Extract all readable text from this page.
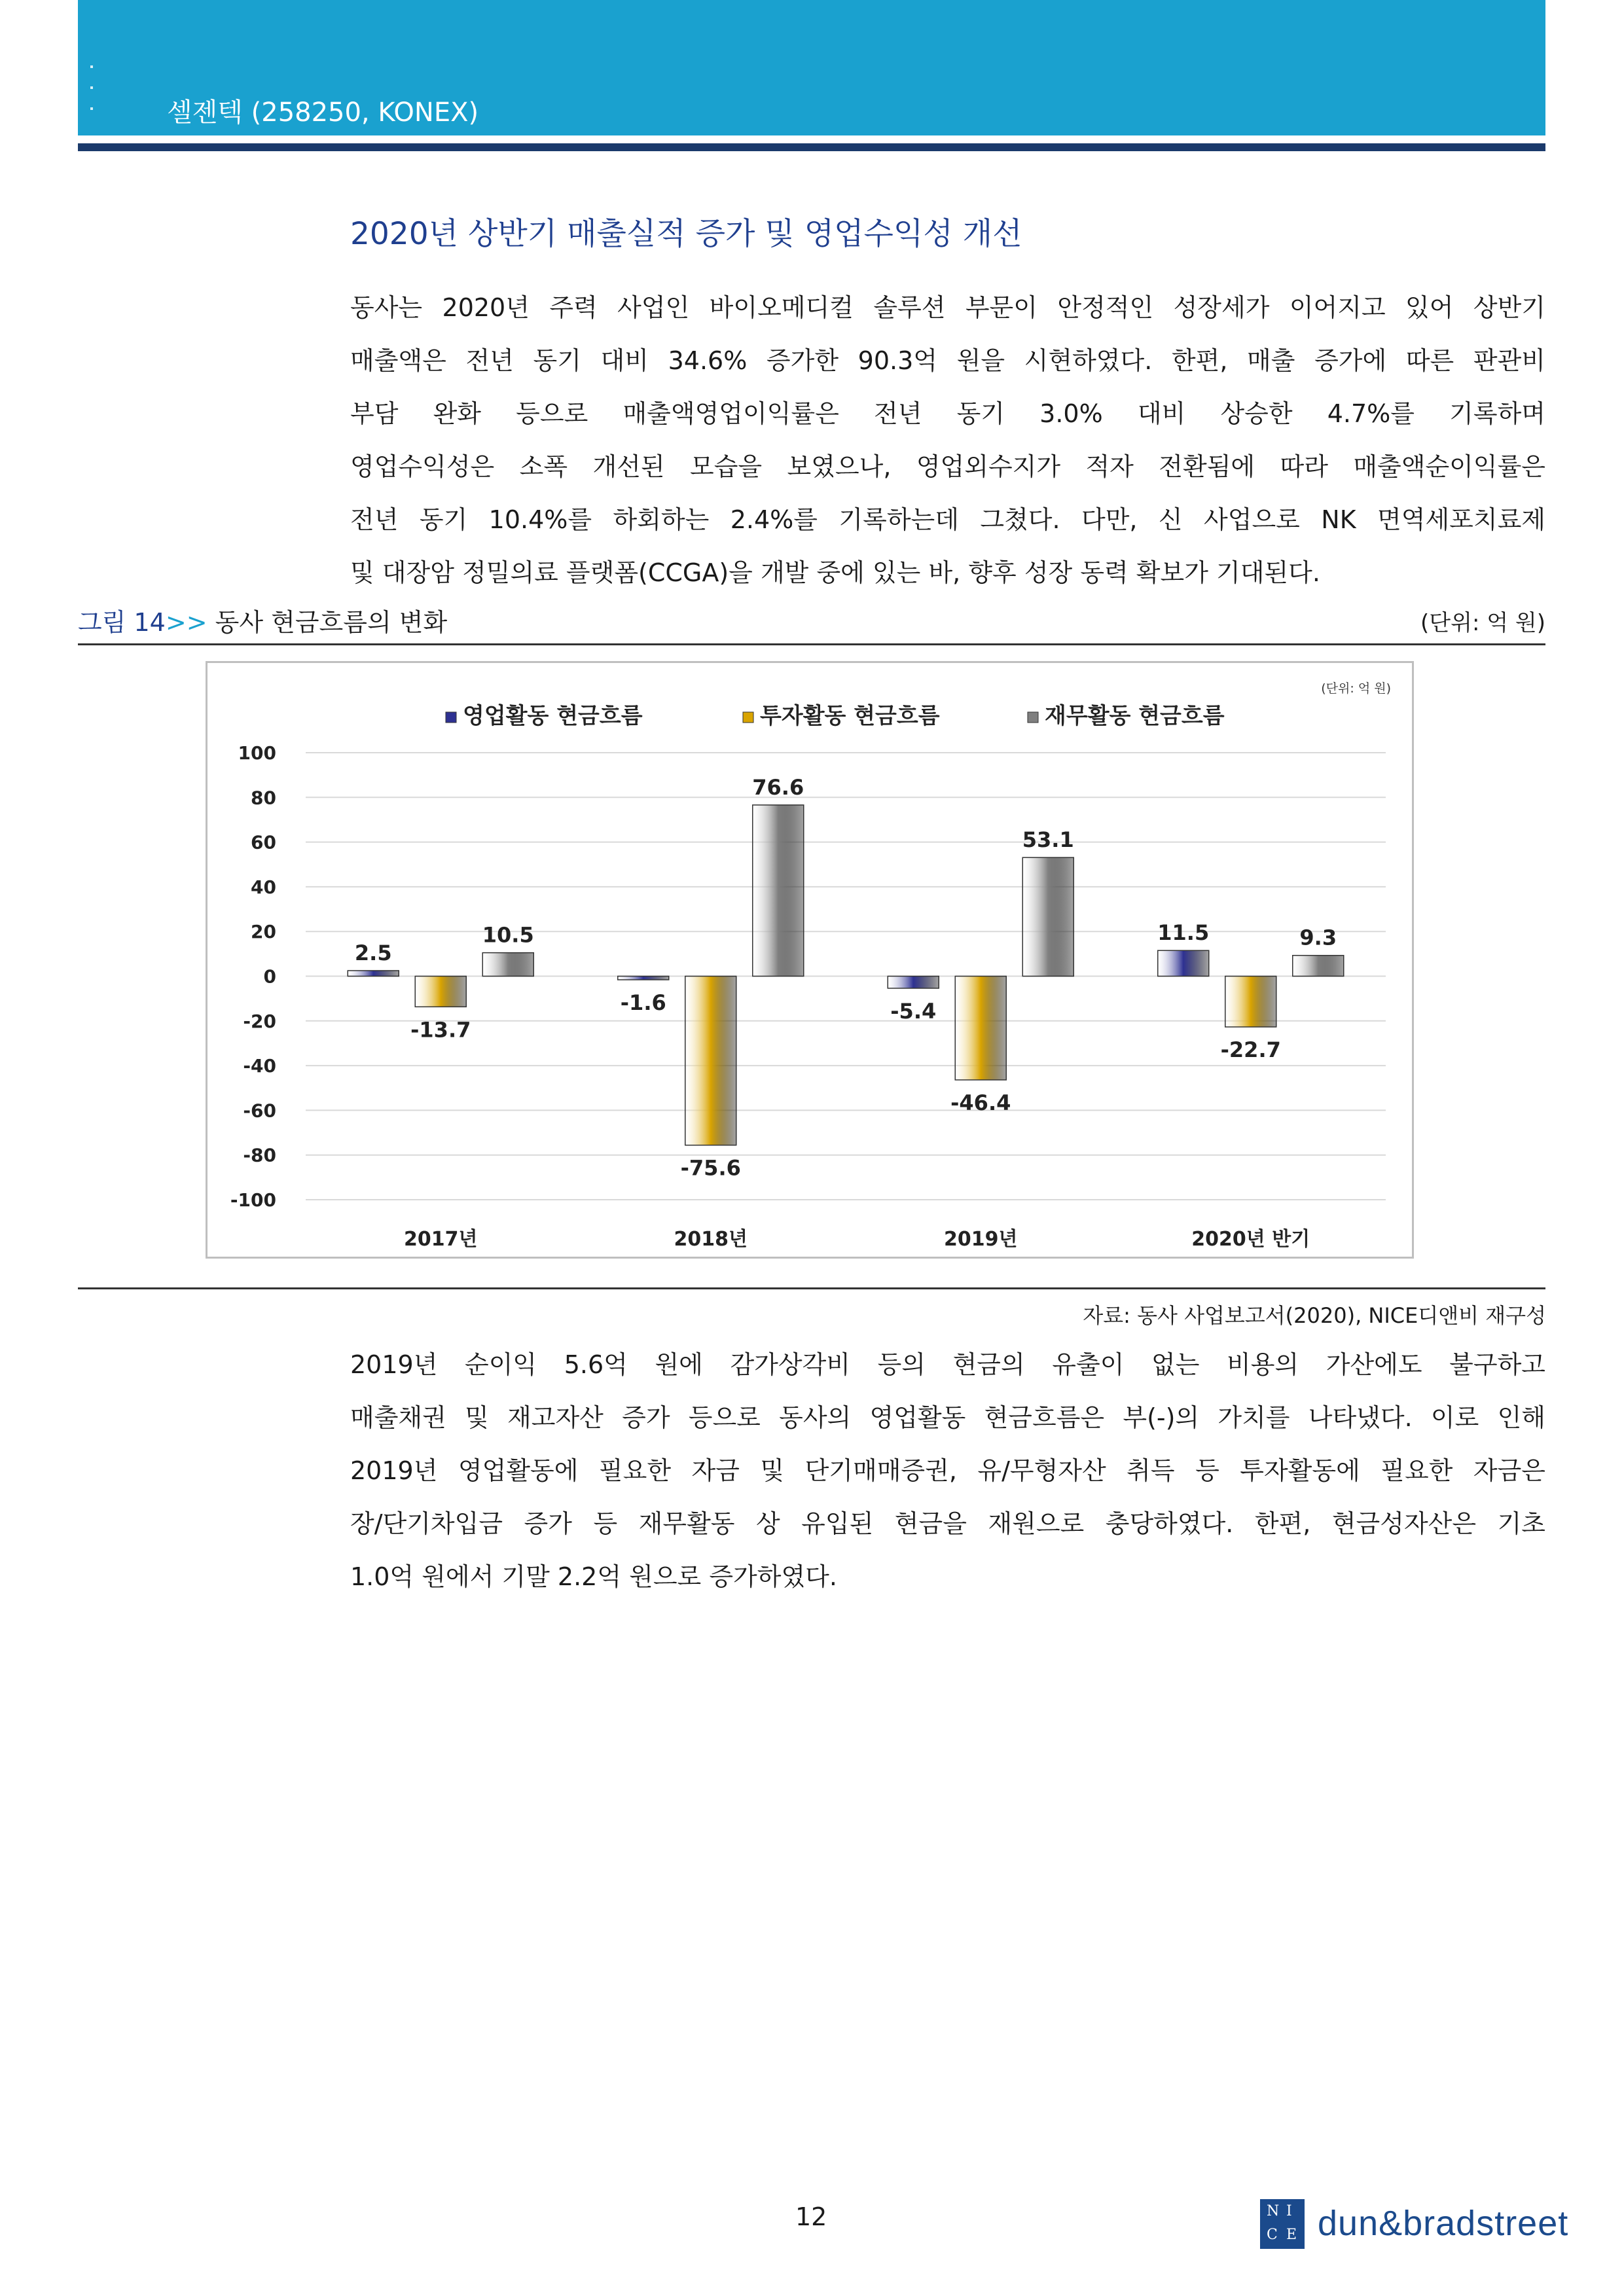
셀젠텍 (258250, KONEX)
2020년 상반기 매출실적 증가 및 영업수익성 개선
동사는 2020년 주력 사업인 바이오메디컬 솔루션 부문이 안정적인 성장세가 이어지고 있어 상반기
매출액은 전년 동기 대비 34.6% 증가한 90.3억 원을 시현하였다. 한편, 매출 증가에 따른 판관비
부담 완화 등으로 매출액영업이익률은 전년 동기 3.0% 대비 상승한 4.7%를 기록하며
영업수익성은 소폭 개선된 모습을 보였으나, 영업외수지가 적자 전환됨에 따라 매출액순이익률은
전년 동기 10.4%를 하회하는 2.4%를 기록하는데 그쳤다. 다만, 신 사업으로 NK 면역세포치료제
및 대장암 정밀의료 플랫폼(CCGA)을 개발 중에 있는 바, 향후 성장 동력 확보가 기대된다.
그림 14>> 동사 현금흐름의 변화	(단위: 억 원)
(단위: 억 원)
영업활동 현금흐름	투자활동 현금흐름	재무활동 현금흐름
100
80
60
40
20
0
-20
-40
-60
-80
-100
2.5
-13.7
10.5
2017년
-1.6
-75.6
76.6
2018년
-5.4
-46.4
53.1
2019년
11.5
-22.7
9.3
2020년 반기
자료: 동사 사업보고서(2020), NICE디앤비 재구성
2019년 순이익 5.6억 원에 감가상각비 등의 현금의 유출이 없는 비용의 가산에도 불구하고
매출채권 및 재고자산 증가 등으로 동사의 영업활동 현금흐름은 부(-)의 가치를 나타냈다. 이로 인해
2019년 영업활동에 필요한 자금 및 단기매매증권, 유/무형자산 취득 등 투자활동에 필요한 자금은
장/단기차입금 증가 등 재무활동 상 유입된 현금을 재원으로 충당하였다. 한편, 현금성자산은 기초
1.0억 원에서 기말 2.2억 원으로 증가하였다.
12	N I
C E dun&bradstreet
